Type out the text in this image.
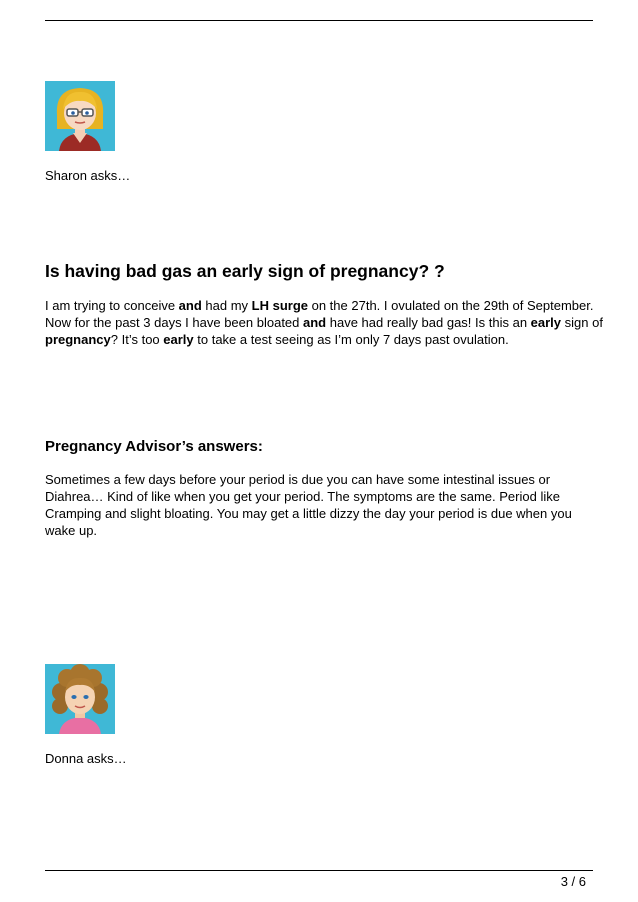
Sharon asks…
Is having bad gas an early sign of pregnancy? ?

I am trying to conceive and had my LH surge on the 27th. I ovulated on the 29th of September. Now for the past 3 days I have been bloated and have had really bad gas! Is this an early sign of pregnancy? It’s too early to take a test seeing as I’m only 7 days past ovulation.

Pregnancy Advisor’s answers:

Sometimes a few days before your period is due you can have some intestinal issues or Diahrea… Kind of like when you get your period. The symptoms are the same. Period like Cramping and slight bloating. You may get a little dizzy the day your period is due when you wake up.

Donna asks…
3 / 6
